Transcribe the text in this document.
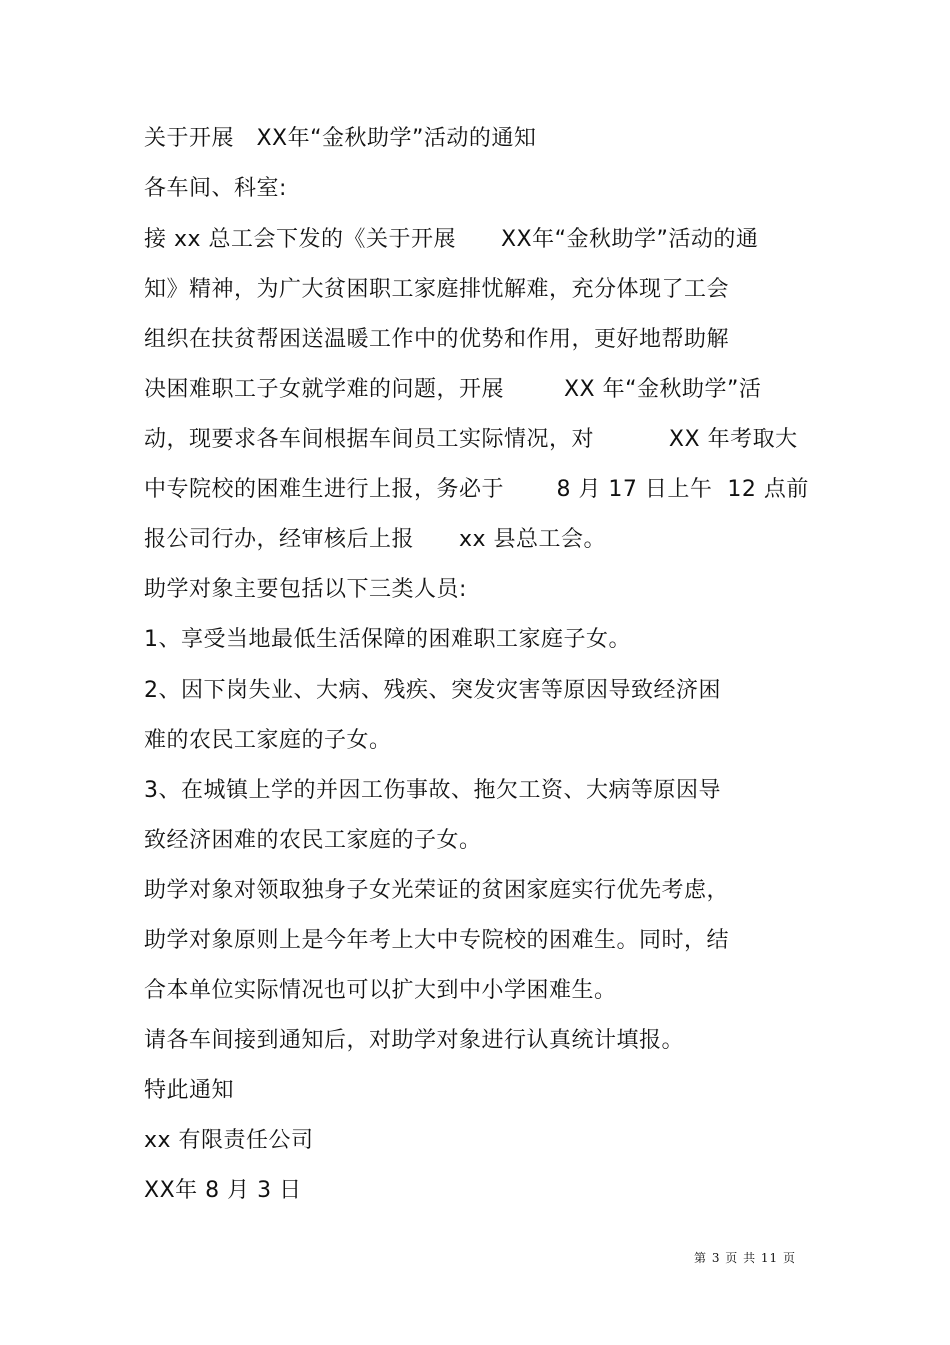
关于开展   XX年“金秋助学”活动的通知
各车间、科室:
接 xx 总工会下发的《关于开展      XX年“金秋助学”活动的通
知》精神，为广大贫困职工家庭排忧解难，充分体现了工会
组织在扶贫帮困送温暖工作中的优势和作用，更好地帮助解
决困难职工子女就学难的问题，开展        XX 年“金秋助学”活
动，现要求各车间根据车间员工实际情况，对          XX 年考取大
中专院校的困难生进行上报，务必于       8 月 17 日上午  12 点前
报公司行办，经审核后上报      xx 县总工会。
助学对象主要包括以下三类人员:
1、享受当地最低生活保障的困难职工家庭子女。
2、因下岗失业、大病、残疾、突发灾害等原因导致经济困
难的农民工家庭的子女。
3、在城镇上学的并因工伤事故、拖欠工资、大病等原因导
致经济困难的农民工家庭的子女。
助学对象对领取独身子女光荣证的贫困家庭实行优先考虑，
助学对象原则上是今年考上大中专院校的困难生。同时，结
合本单位实际情况也可以扩大到中小学困难生。
请各车间接到通知后，对助学对象进行认真统计填报。
特此通知
xx 有限责任公司
XX年 8 月 3 日
第 3 页 共 11 页
